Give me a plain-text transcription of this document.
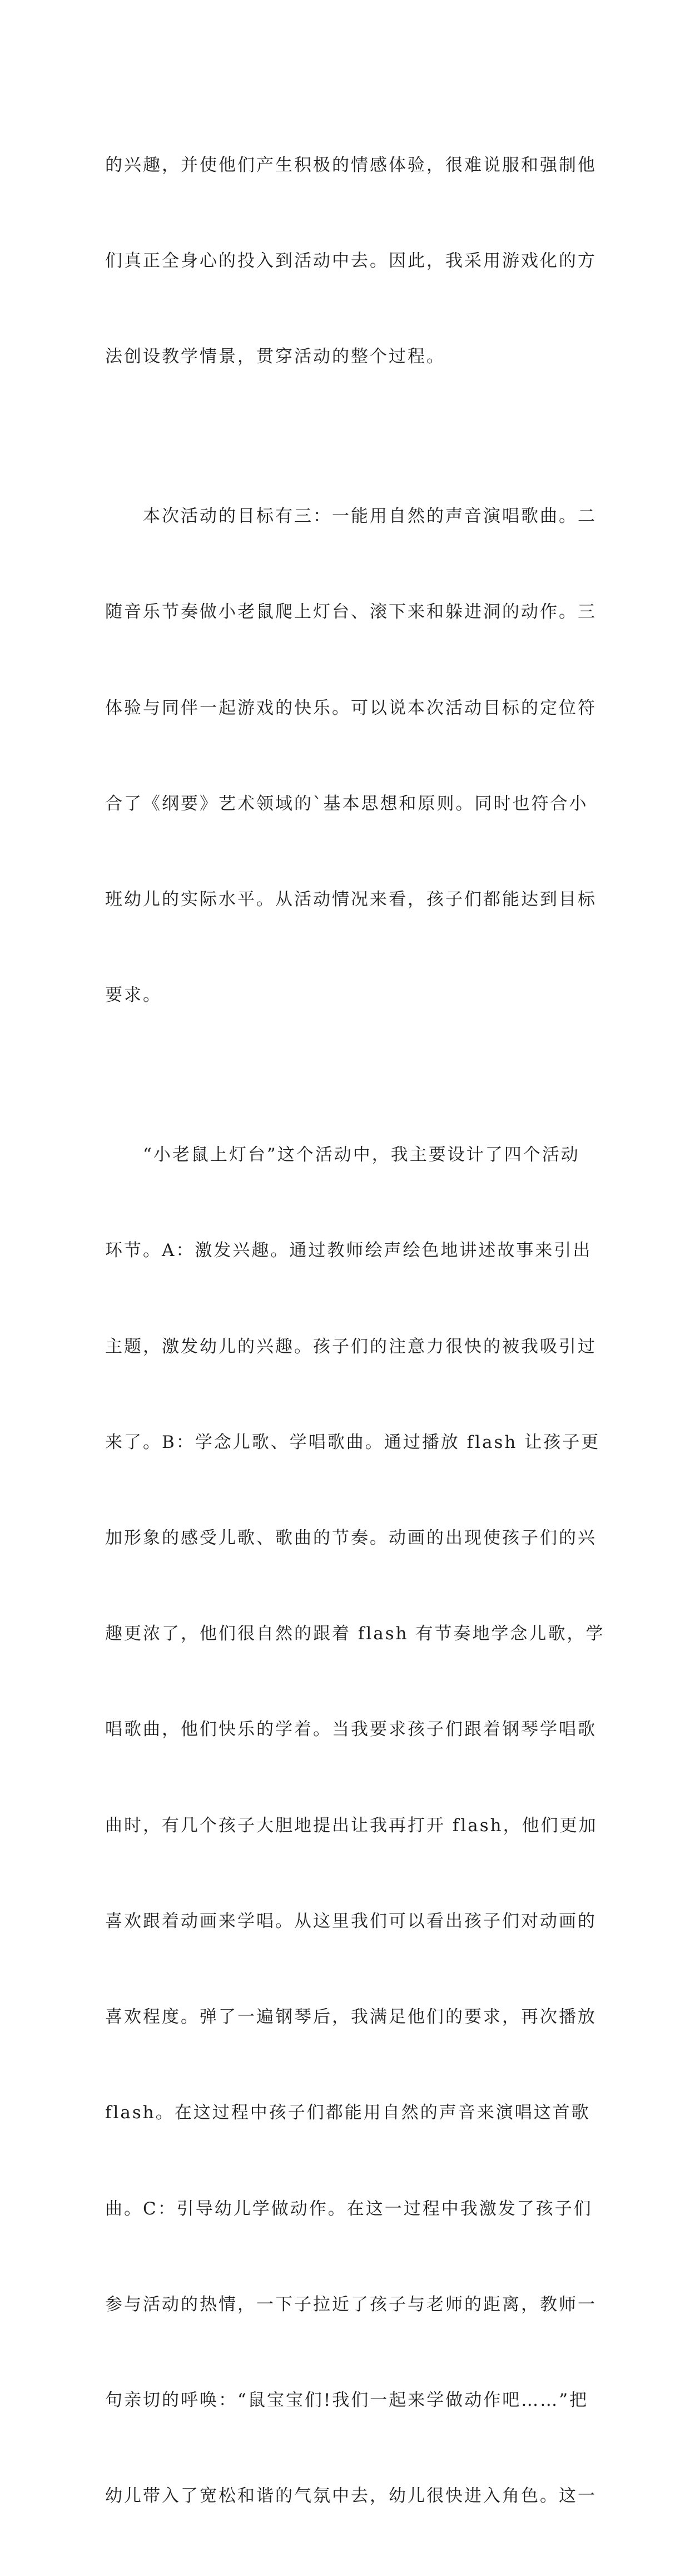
的兴趣，并使他们产生积极的情感体验，很难说服和强制他

们真正全身心的投入到活动中去。因此，我采用游戏化的方

法创设教学情景，贯穿活动的整个过程。

　　本次活动的目标有三：一能用自然的声音演唱歌曲。二

随音乐节奏做小老鼠爬上灯台、滚下来和躲进洞的动作。三

体验与同伴一起游戏的快乐。可以说本次活动目标的定位符

合了《纲要》艺术领域的`基本思想和原则。同时也符合小

班幼儿的实际水平。从活动情况来看，孩子们都能达到目标

要求。

　　“小老鼠上灯台”这个活动中，我主要设计了四个活动

环节。A：激发兴趣。通过教师绘声绘色地讲述故事来引出

主题，激发幼儿的兴趣。孩子们的注意力很快的被我吸引过

来了。B：学念儿歌、学唱歌曲。通过播放 flash 让孩子更

加形象的感受儿歌、歌曲的节奏。动画的出现使孩子们的兴

趣更浓了，他们很自然的跟着 flash 有节奏地学念儿歌，学

唱歌曲，他们快乐的学着。当我要求孩子们跟着钢琴学唱歌

曲时，有几个孩子大胆地提出让我再打开 flash，他们更加

喜欢跟着动画来学唱。从这里我们可以看出孩子们对动画的

喜欢程度。弹了一遍钢琴后，我满足他们的要求，再次播放

flash。在这过程中孩子们都能用自然的声音来演唱这首歌

曲。C：引导幼儿学做动作。在这一过程中我激发了孩子们

参与活动的热情，一下子拉近了孩子与老师的距离，教师一

句亲切的呼唤：“鼠宝宝们!我们一起来学做动作吧……”把

幼儿带入了宽松和谐的气氛中去，幼儿很快进入角色。这一
